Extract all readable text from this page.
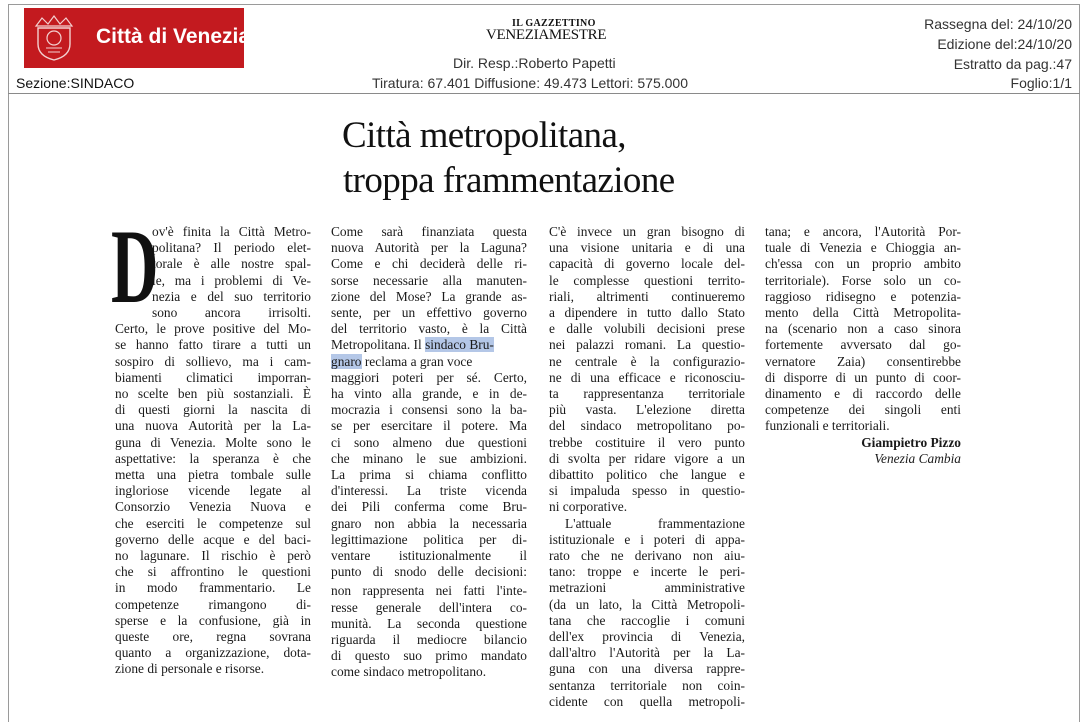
Città di Venezia
Sezione:SINDACO
IL GAZZETTINO
VENEZIAMESTRE
Dir. Resp.:Roberto Papetti
Tiratura: 67.401 Diffusione: 49.473 Lettori: 575.000
Rassegna del: 24/10/20
Edizione del:24/10/20
Estratto da pag.:47
Foglio:1/1
Città metropolitana,
troppa frammentazione
D

ov'è finita la Città Metro-

politana? Il periodo elet-

torale è alle nostre spal-

le, ma i problemi di Ve-

nezia e del suo territorio

sono ancora irrisolti.

Certo, le prove positive del Mo-

se hanno fatto tirare a tutti un

sospiro di sollievo, ma i cam-

biamenti climatici imporran-

no scelte ben più sostanziali. È

di questi giorni la nascita di

una nuova Autorità per la La-

guna di Venezia. Molte sono le

aspettative: la speranza è che

metta una pietra tombale sulle

ingloriose vicende legate al

Consorzio Venezia Nuova e

che eserciti le competenze sul

governo delle acque e del baci-

no lagunare. Il rischio è però

che si affrontino le questioni

in modo frammentario. Le

competenze rimangono di-

sperse e la confusione, già in

queste ore, regna sovrana

quanto a organizzazione, dota-

zione di personale e risorse.

Come sarà finanziata questa

nuova Autorità per la Laguna?

Come e chi deciderà delle ri-

sorse necessarie alla manuten-

zione del Mose? La grande as-

sente, per un effettivo governo

del territorio vasto, è la Città

Metropolitana. Il sindaco Bru-

gnaro reclama a gran voce

maggiori poteri per sé. Certo,

ha vinto alla grande, e in de-

mocrazia i consensi sono la ba-

se per esercitare il potere. Ma

ci sono almeno due questioni

che minano le sue ambizioni.

La prima si chiama conflitto

d'interessi. La triste vicenda

dei Pili conferma come Bru-

gnaro non abbia la necessaria

legittimazione politica per di-

ventare istituzionalmente il

punto di snodo delle decisioni:

non rappresenta nei fatti l'inte-

resse generale dell'intera co-

munità. La seconda questione

riguarda il mediocre bilancio

di questo suo primo mandato

come sindaco metropolitano.

C'è invece un gran bisogno di

una visione unitaria e di una

capacità di governo locale del-

le complesse questioni territo-

riali, altrimenti continueremo

a dipendere in tutto dallo Stato

e dalle volubili decisioni prese

nei palazzi romani. La questio-

ne centrale è la configurazio-

ne di una efficace e riconosciu-

ta rappresentanza territoriale

più vasta. L'elezione diretta

del sindaco metropolitano po-

trebbe costituire il vero punto

di svolta per ridare vigore a un

dibattito politico che langue e

si impaluda spesso in questio-

ni corporative.

L'attuale frammentazione

istituzionale e i poteri di appa-

rato che ne derivano non aiu-

tano: troppe e incerte le peri-

metrazioni amministrative

(da un lato, la Città Metropoli-

tana che raccoglie i comuni

dell'ex provincia di Venezia,

dall'altro l'Autorità per la La-

guna con una diversa rappre-

sentanza territoriale non coin-

cidente con quella metropoli-

tana; e ancora, l'Autorità Por-

tuale di Venezia e Chioggia an-

ch'essa con un proprio ambito

territoriale). Forse solo un co-

raggioso ridisegno e potenzia-

mento della Città Metropolita-

na (scenario non a caso sinora

fortemente avversato dal go-

vernatore Zaia) consentirebbe

di disporre di un punto di coor-

dinamento e di raccordo delle

competenze dei singoli enti

funzionali e territoriali.

Giampietro Pizzo

Venezia Cambia
